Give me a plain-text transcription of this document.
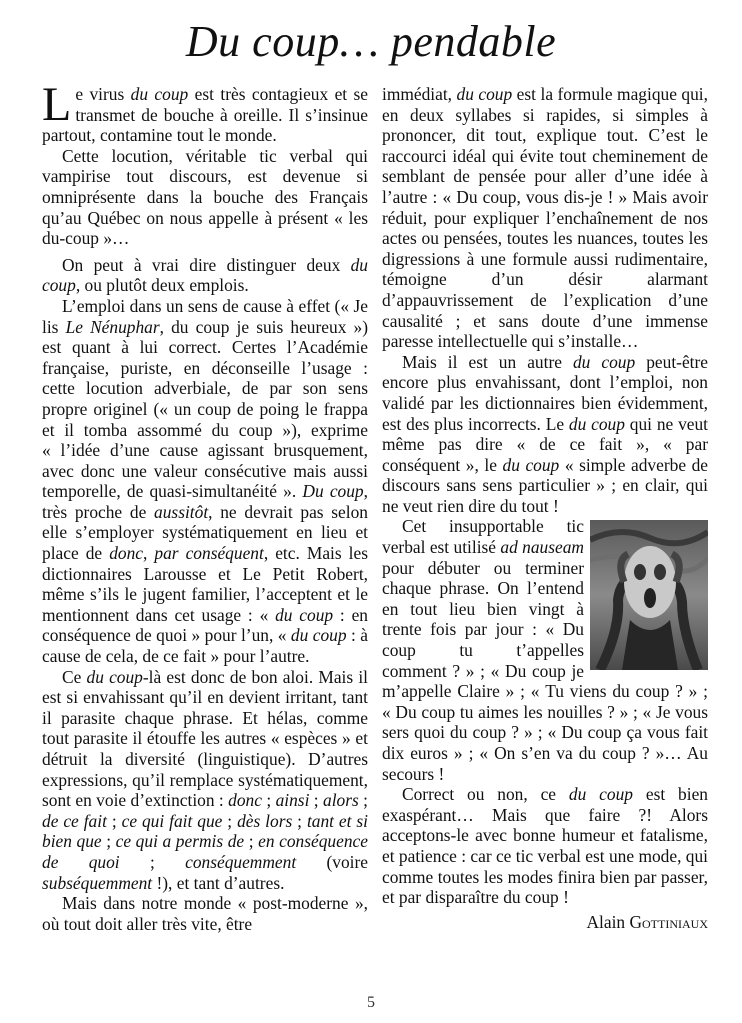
Du coup… pendable

Le virus du coup est très contagieux et se transmet de bouche à oreille. Il s’insinue partout, contamine tout le monde.

Cette locution, véritable tic verbal qui vampirise tout discours, est devenue si omniprésente dans la bouche des Français qu’au Québec on nous appelle à présent « les du-coup »…

On peut à vrai dire distinguer deux du coup, ou plutôt deux emplois.

L’emploi dans un sens de cause à effet (« Je lis Le Nénuphar, du coup je suis heureux ») est quant à lui correct. Certes l’Académie française, puriste, en déconseille l’usage : cette locution adverbiale, de par son sens propre originel (« un coup de poing le frappa et il tomba assommé du coup »), exprime « l’idée d’une cause agissant brusquement, avec donc une valeur consécutive mais aussi temporelle, de quasi-simultanéité ». Du coup, très proche de aussitôt, ne devrait pas selon elle s’employer systématiquement en lieu et place de donc, par conséquent, etc. Mais les dictionnaires Larousse et Le Petit Robert, même s’ils le jugent familier, l’acceptent et le mentionnent dans cet usage : « du coup : en conséquence de quoi » pour l’un, « du coup : à cause de cela, de ce fait » pour l’autre.

Ce du coup-là est donc de bon aloi. Mais il est si envahissant qu’il en devient irritant, tant il parasite chaque phrase. Et hélas, comme tout parasite il étouffe les autres « espèces » et détruit la diversité (linguistique). D’autres expressions, qu’il remplace systématiquement, sont en voie d’extinction : donc ; ainsi ; alors ; de ce fait ; ce qui fait que ; dès lors ; tant et si bien que ; ce qui a permis de ; en conséquence de quoi ; conséquemment (voire subséquemment !), et tant d’autres.

Mais dans notre monde « post-moderne », où tout doit aller très vite, être

immédiat, du coup est la formule magique qui, en deux syllabes si rapides, si simples à prononcer, dit tout, explique tout. C’est le raccourci idéal qui évite tout cheminement de semblant de pensée pour aller d’une idée à l’autre : « Du coup, vous dis-je ! » Mais avoir réduit, pour expliquer l’enchaînement de nos actes ou pensées, toutes les nuances, toutes les digressions à une formule aussi rudimentaire, témoigne d’un désir alarmant d’appauvrissement de l’explication d’une causalité ; et sans doute d’une immense paresse intellectuelle qui s’installe…

Mais il est un autre du coup peut-être encore plus envahissant, dont l’emploi, non validé par les dictionnaires bien évidemment, est des plus incorrects. Le du coup qui ne veut même pas dire « de ce fait », « par conséquent », le du coup « simple adverbe de discours sans sens particulier » ; en clair, qui ne veut rien dire du tout !

Cet insupportable tic verbal est utilisé ad nauseam pour débuter ou terminer chaque phrase. On l’entend en tout lieu bien vingt à trente fois par jour : « Du coup tu t’appelles comment ? » ; « Du coup je m’appelle Claire » ; « Tu viens du coup ? » ; « Du coup tu aimes les nouilles ? » ; « Je vous sers quoi du coup ? » ; « Du coup ça vous fait dix euros » ; « On s’en va du coup ? »… Au secours !

Correct ou non, ce du coup est bien exaspérant… Mais que faire ?! Alors acceptons-le avec bonne humeur et fatalisme, et patience : car ce tic verbal est une mode, qui comme toutes les modes finira bien par passer, et par disparaître du coup !

Alain Gottiniaux
5
